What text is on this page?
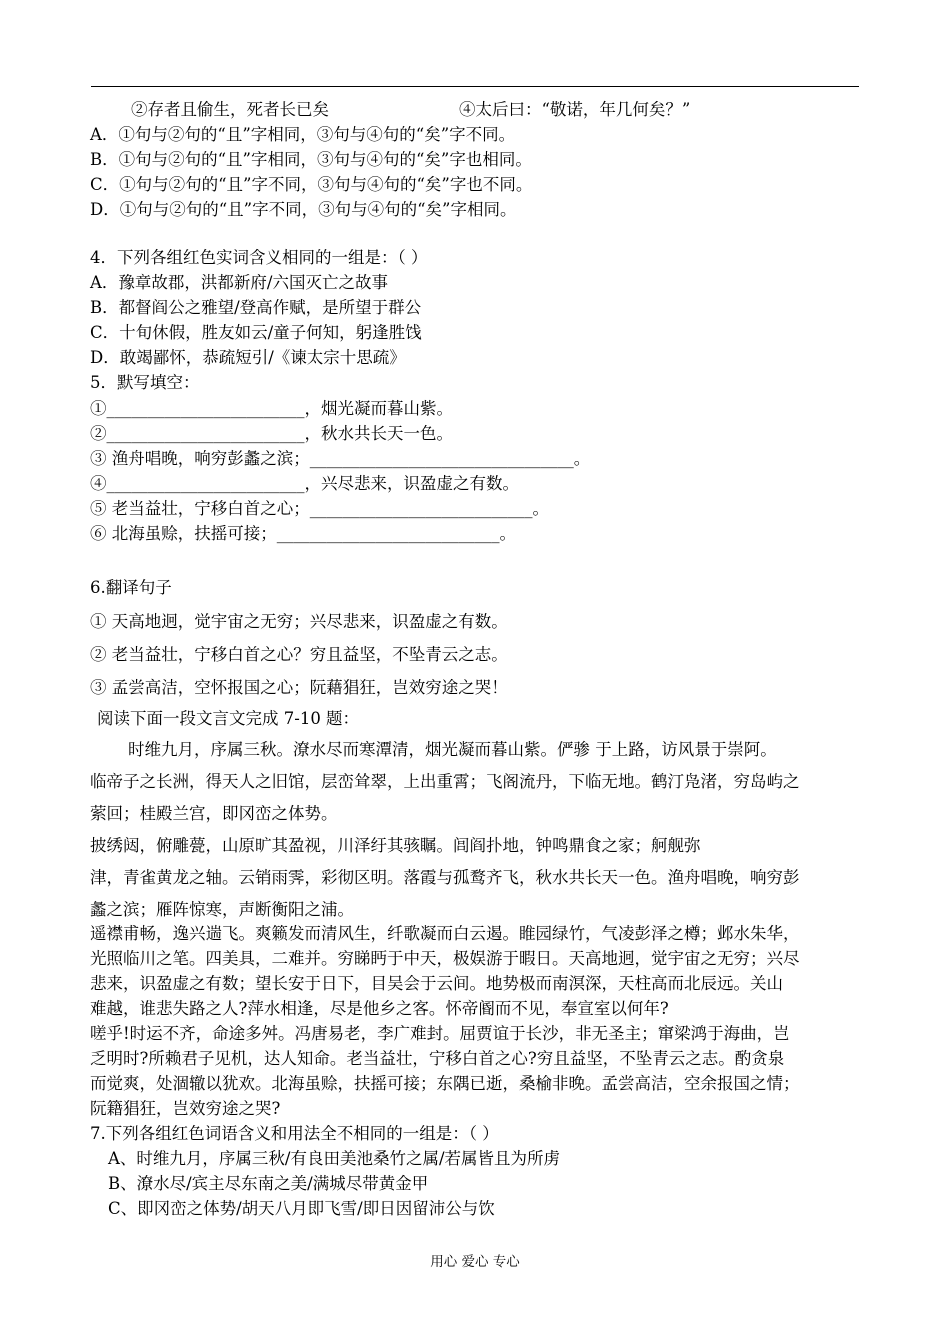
②存者且偷生，死者长已矣	④太后曰：“敬诺，年几何矣？”
A．①句与②句的“且”字相同，③句与④句的“矣”字不同。
B．①句与②句的“且”字相同，③句与④句的“矣”字也相同。
C．①句与②句的“且”字不同，③句与④句的“矣”字也不同。
D．①句与②句的“且”字不同，③句与④句的“矣”字相同。
4．下列各组红色实词含义相同的一组是：（ ）
A．豫章故郡，洪都新府/六国灭亡之故事
B．都督阎公之雅望/登高作赋，是所望于群公
C．十旬休假，胜友如云/童子何知，躬逢胜饯
D．敢竭鄙怀，恭疏短引/《谏太宗十思疏》
5．默写填空：
①________________________，烟光凝而暮山紫。
②________________________，秋水共长天一色。
③ 渔舟唱晚，响穷彭蠡之滨；________________________________。
④________________________，兴尽悲来，识盈虚之有数。
⑤ 老当益壮，宁移白首之心；___________________________。
⑥ 北海虽赊，扶摇可接；___________________________。
6.翻译句子
① 天高地迥，觉宇宙之无穷；兴尽悲来，识盈虚之有数。
② 老当益壮，宁移白首之心？穷且益坚，不坠青云之志。
③ 孟尝高洁，空怀报国之心；阮藉猖狂，岂效穷途之哭！
阅读下面一段文言文完成 7-10 题：
时维九月，序属三秋。潦水尽而寒潭清，烟光凝而暮山紫。俨骖 于上路，访风景于崇阿。
临帝子之长洲，得天人之旧馆，层峦耸翠，上出重霄；飞阁流丹，下临无地。鹤汀凫渚，穷岛屿之
萦回；桂殿兰宫，即冈峦之体势。
披绣闼，俯雕甍，山原旷其盈视，川泽纡其骇瞩。闾阎扑地，钟鸣鼎食之家；舸舰弥
津，青雀黄龙之轴。云销雨霁，彩彻区明。落霞与孤鹜齐飞，秋水共长天一色。渔舟唱晚，响穷彭
蠡之滨；雁阵惊寒，声断衡阳之浦。
遥襟甫畅，逸兴遄飞。爽籁发而清风生，纤歌凝而白云遏。睢园绿竹，气凌彭泽之樽；邺水朱华，
光照临川之笔。四美具，二难并。穷睇眄于中天，极娱游于暇日。天高地迥，觉宇宙之无穷；兴尽
悲来，识盈虚之有数；望长安于日下，目吴会于云间。地势极而南溟深，天柱高而北辰远。关山
难越，谁悲失路之人?萍水相逢，尽是他乡之客。怀帝阍而不见，奉宣室以何年?
嗟乎!时运不齐，命途多舛。冯唐易老，李广难封。屈贾谊于长沙，非无圣主；窜梁鸿于海曲，岂
乏明时?所赖君子见机，达人知命。老当益壮，宁移白首之心?穷且益坚，不坠青云之志。酌贪泉
而觉爽，处涸辙以犹欢。北海虽赊，扶摇可接；东隅已逝，桑榆非晚。孟尝高洁，空余报国之情；
阮籍猖狂，岂效穷途之哭?
7.下列各组红色词语含义和用法全不相同的一组是：（ ）
A、时维九月，序属三秋/有良田美池桑竹之属/若属皆且为所虏
B、潦水尽/宾主尽东南之美/满城尽带黄金甲
C、即冈峦之体势/胡天八月即飞雪/即日因留沛公与饮
用心 爱心 专心
